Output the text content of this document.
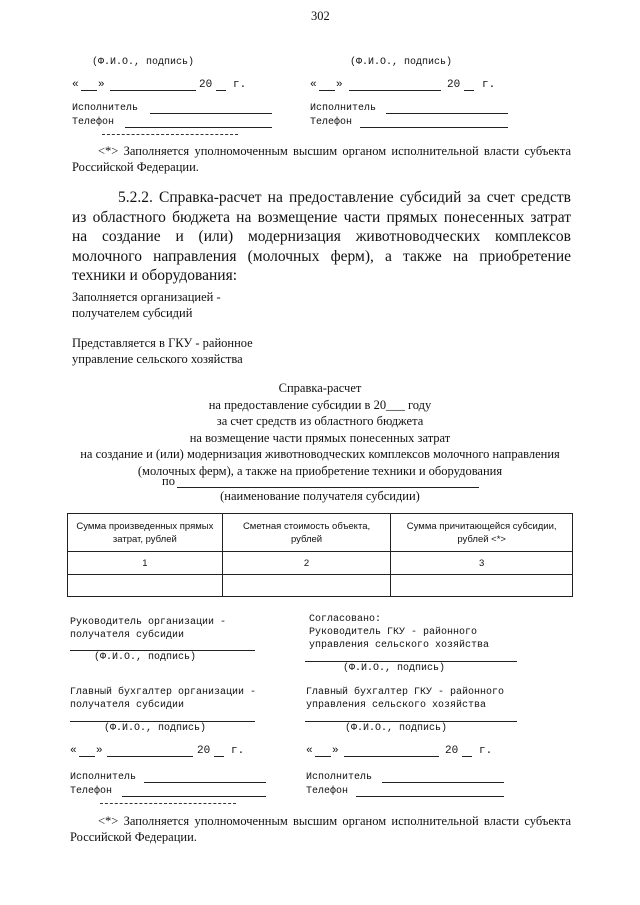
302
(Ф.И.О., подпись)	(Ф.И.О., подпись)
« »	20 г.	« »	20 г.
Исполнитель
Телефон
Исполнитель
Телефон
<*> Заполняется уполномоченным высшим органом исполнительной власти субъекта Российской Федерации.
5.2.2. Справка-расчет на предоставление субсидий за счет средств из областного бюджета на возмещение части прямых понесенных затрат на создание и (или) модернизация животноводческих комплексов молочного направления (молочных ферм), а также на приобретение техники и оборудования:
Заполняется организацией -
получателем субсидий
Представляется в ГКУ - районное
управление сельского хозяйства
Справка-расчет
на предоставление субсидии в 20___ году
за счет средств из областного бюджета
на возмещение части прямых понесенных затрат
на создание и (или) модернизация животноводческих комплексов молочного направления
(молочных ферм), а также на приобретение техники и оборудования
по
(наименование получателя субсидии)
Сумма произведенных прямых затрат, рублей	Сметная стоимость объекта, рублей	Сумма причитающейся субсидии, рублей <*>
1	2	3

Руководитель организации -
получателя субсидии
(Ф.И.О., подпись)
Согласовано:
Руководитель ГКУ - районного
управления сельского хозяйства
(Ф.И.О., подпись)
Главный бухгалтер организации -
получателя субсидии
(Ф.И.О., подпись)
Главный бухгалтер ГКУ - районного
управления сельского хозяйства
(Ф.И.О., подпись)
« »	20 г.	« »	20 г.
Исполнитель
Телефон
Исполнитель
Телефон
<*> Заполняется уполномоченным высшим органом исполнительной власти субъекта Российской Федерации.
